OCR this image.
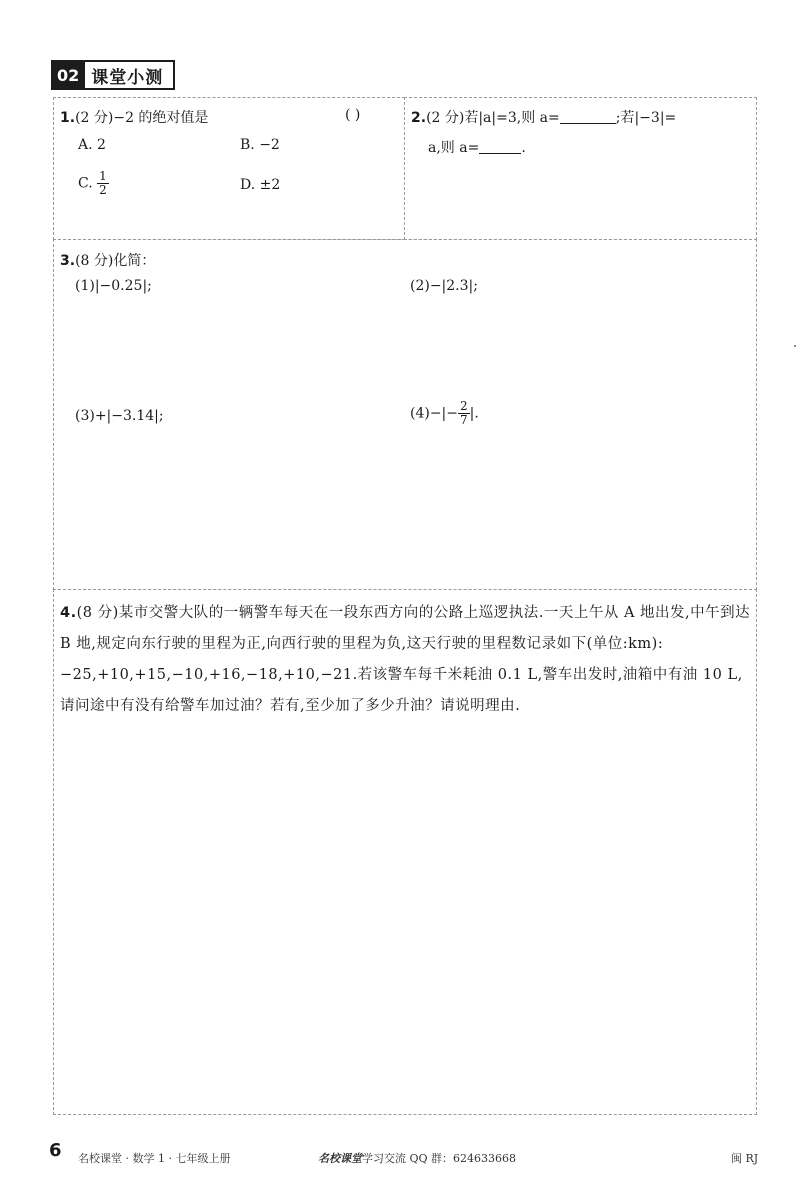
02 课堂小测
1.(2 分)−2 的绝对值是	( )
A. 2	B. −2
C. $\frac{1}{2}$	D. ±2
2.(2 分)若|a|=3,则 a=	;若|−3|=
a,则 a=	.
3.(8 分)化简：
(1)|−0.25|;	(2)−|2.3|;
(3)+|−3.14|;	$(4)-|- \frac{2}{7}$ |.
4.(8 分)某市交警大队的一辆警车每天在一段东西方向的公路上巡逻执法.一天上午从 A 地出发,中午到达 B 地,规定向东行驶的里程为正,向西行驶的里程为负,这天行驶的里程数记录如下(单位:km):−25,+10,+15,−10,+16,−18,+10,−21.若该警车每千米耗油 0.1 L,警车出发时,油箱中有油 10 L,请问途中有没有给警车加过油？若有,至少加了多少升油？请说明理由.
6 名校课堂 · 数学 1 · 七年级上册	名校课堂学习交流 QQ 群：624633668	闽 RJ
